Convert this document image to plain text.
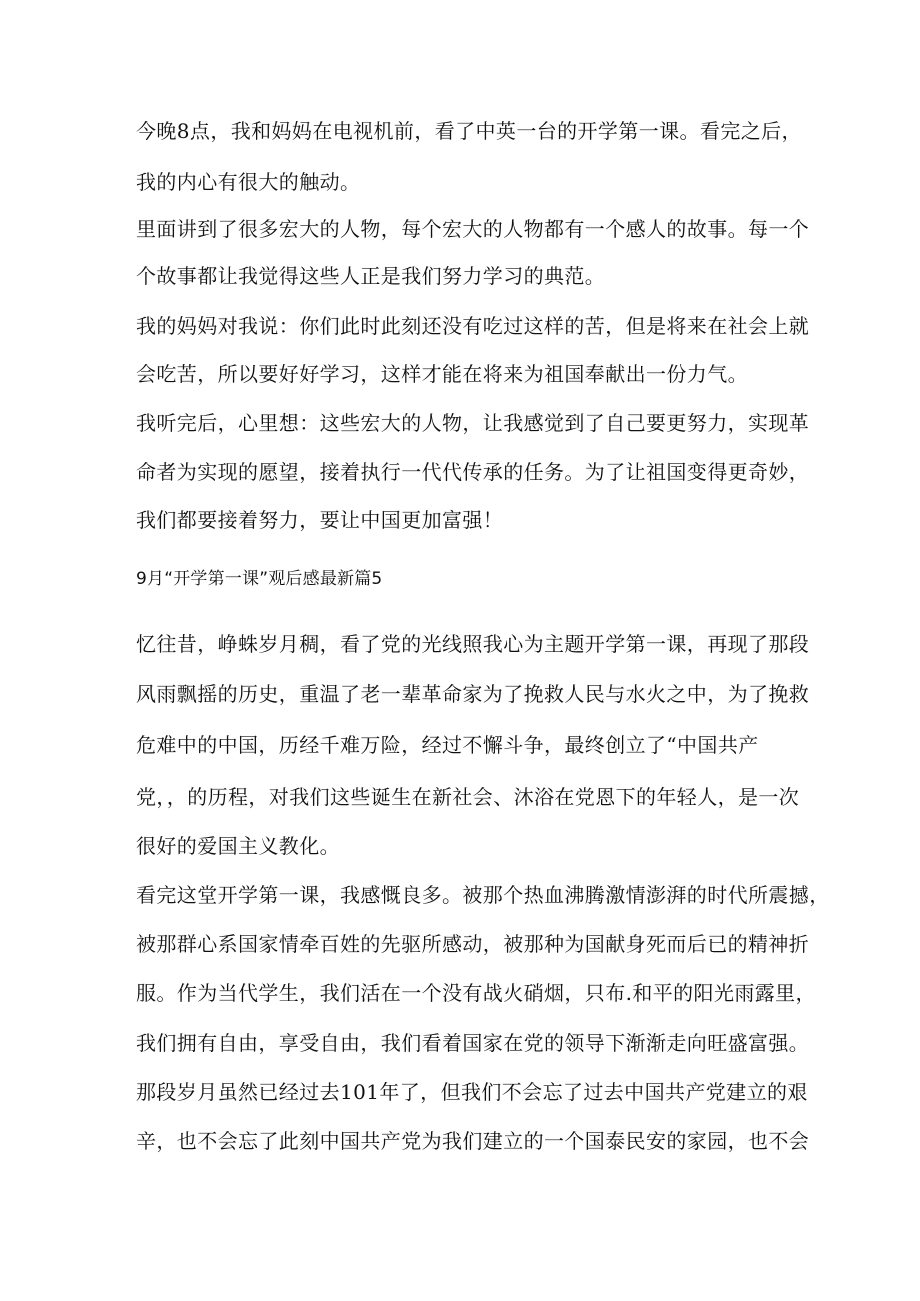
今晚8点，我和妈妈在电视机前，看了中英一台的开学第一课。看完之后，
我的内心有很大的触动。
里面讲到了很多宏大的人物，每个宏大的人物都有一个感人的故事。每一个
个故事都让我觉得这些人正是我们努力学习的典范。
我的妈妈对我说：你们此时此刻还没有吃过这样的苦，但是将来在社会上就
会吃苦，所以要好好学习，这样才能在将来为祖国奉献出一份力气。
我听完后，心里想：这些宏大的人物，让我感觉到了自己要更努力，实现革
命者为实现的愿望，接着执行一代代传承的任务。为了让祖国变得更奇妙，
我们都要接着努力，要让中国更加富强！
9月“开学第一课”观后感最新篇5
忆往昔，峥蛛岁月稠，看了党的光线照我心为主题开学第一课，再现了那段
风雨飘摇的历史，重温了老一辈革命家为了挽救人民与水火之中，为了挽救
危难中的中国，历经千难万险，经过不懈斗争，最终创立了“中国共产
党，，的历程，对我们这些诞生在新社会、沐浴在党恩下的年轻人，是一次
很好的爱国主义教化。
看完这堂开学第一课，我感慨良多。被那个热血沸腾激情澎湃的时代所震撼，
被那群心系国家情牵百姓的先驱所感动，被那种为国献身死而后已的精神折
服。作为当代学生，我们活在一个没有战火硝烟，只布.和平的阳光雨露里，
我们拥有自由，享受自由，我们看着国家在党的领导下渐渐走向旺盛富强。
那段岁月虽然已经过去101年了，但我们不会忘了过去中国共产党建立的艰
辛，也不会忘了此刻中国共产党为我们建立的一个国泰民安的家园，也不会
